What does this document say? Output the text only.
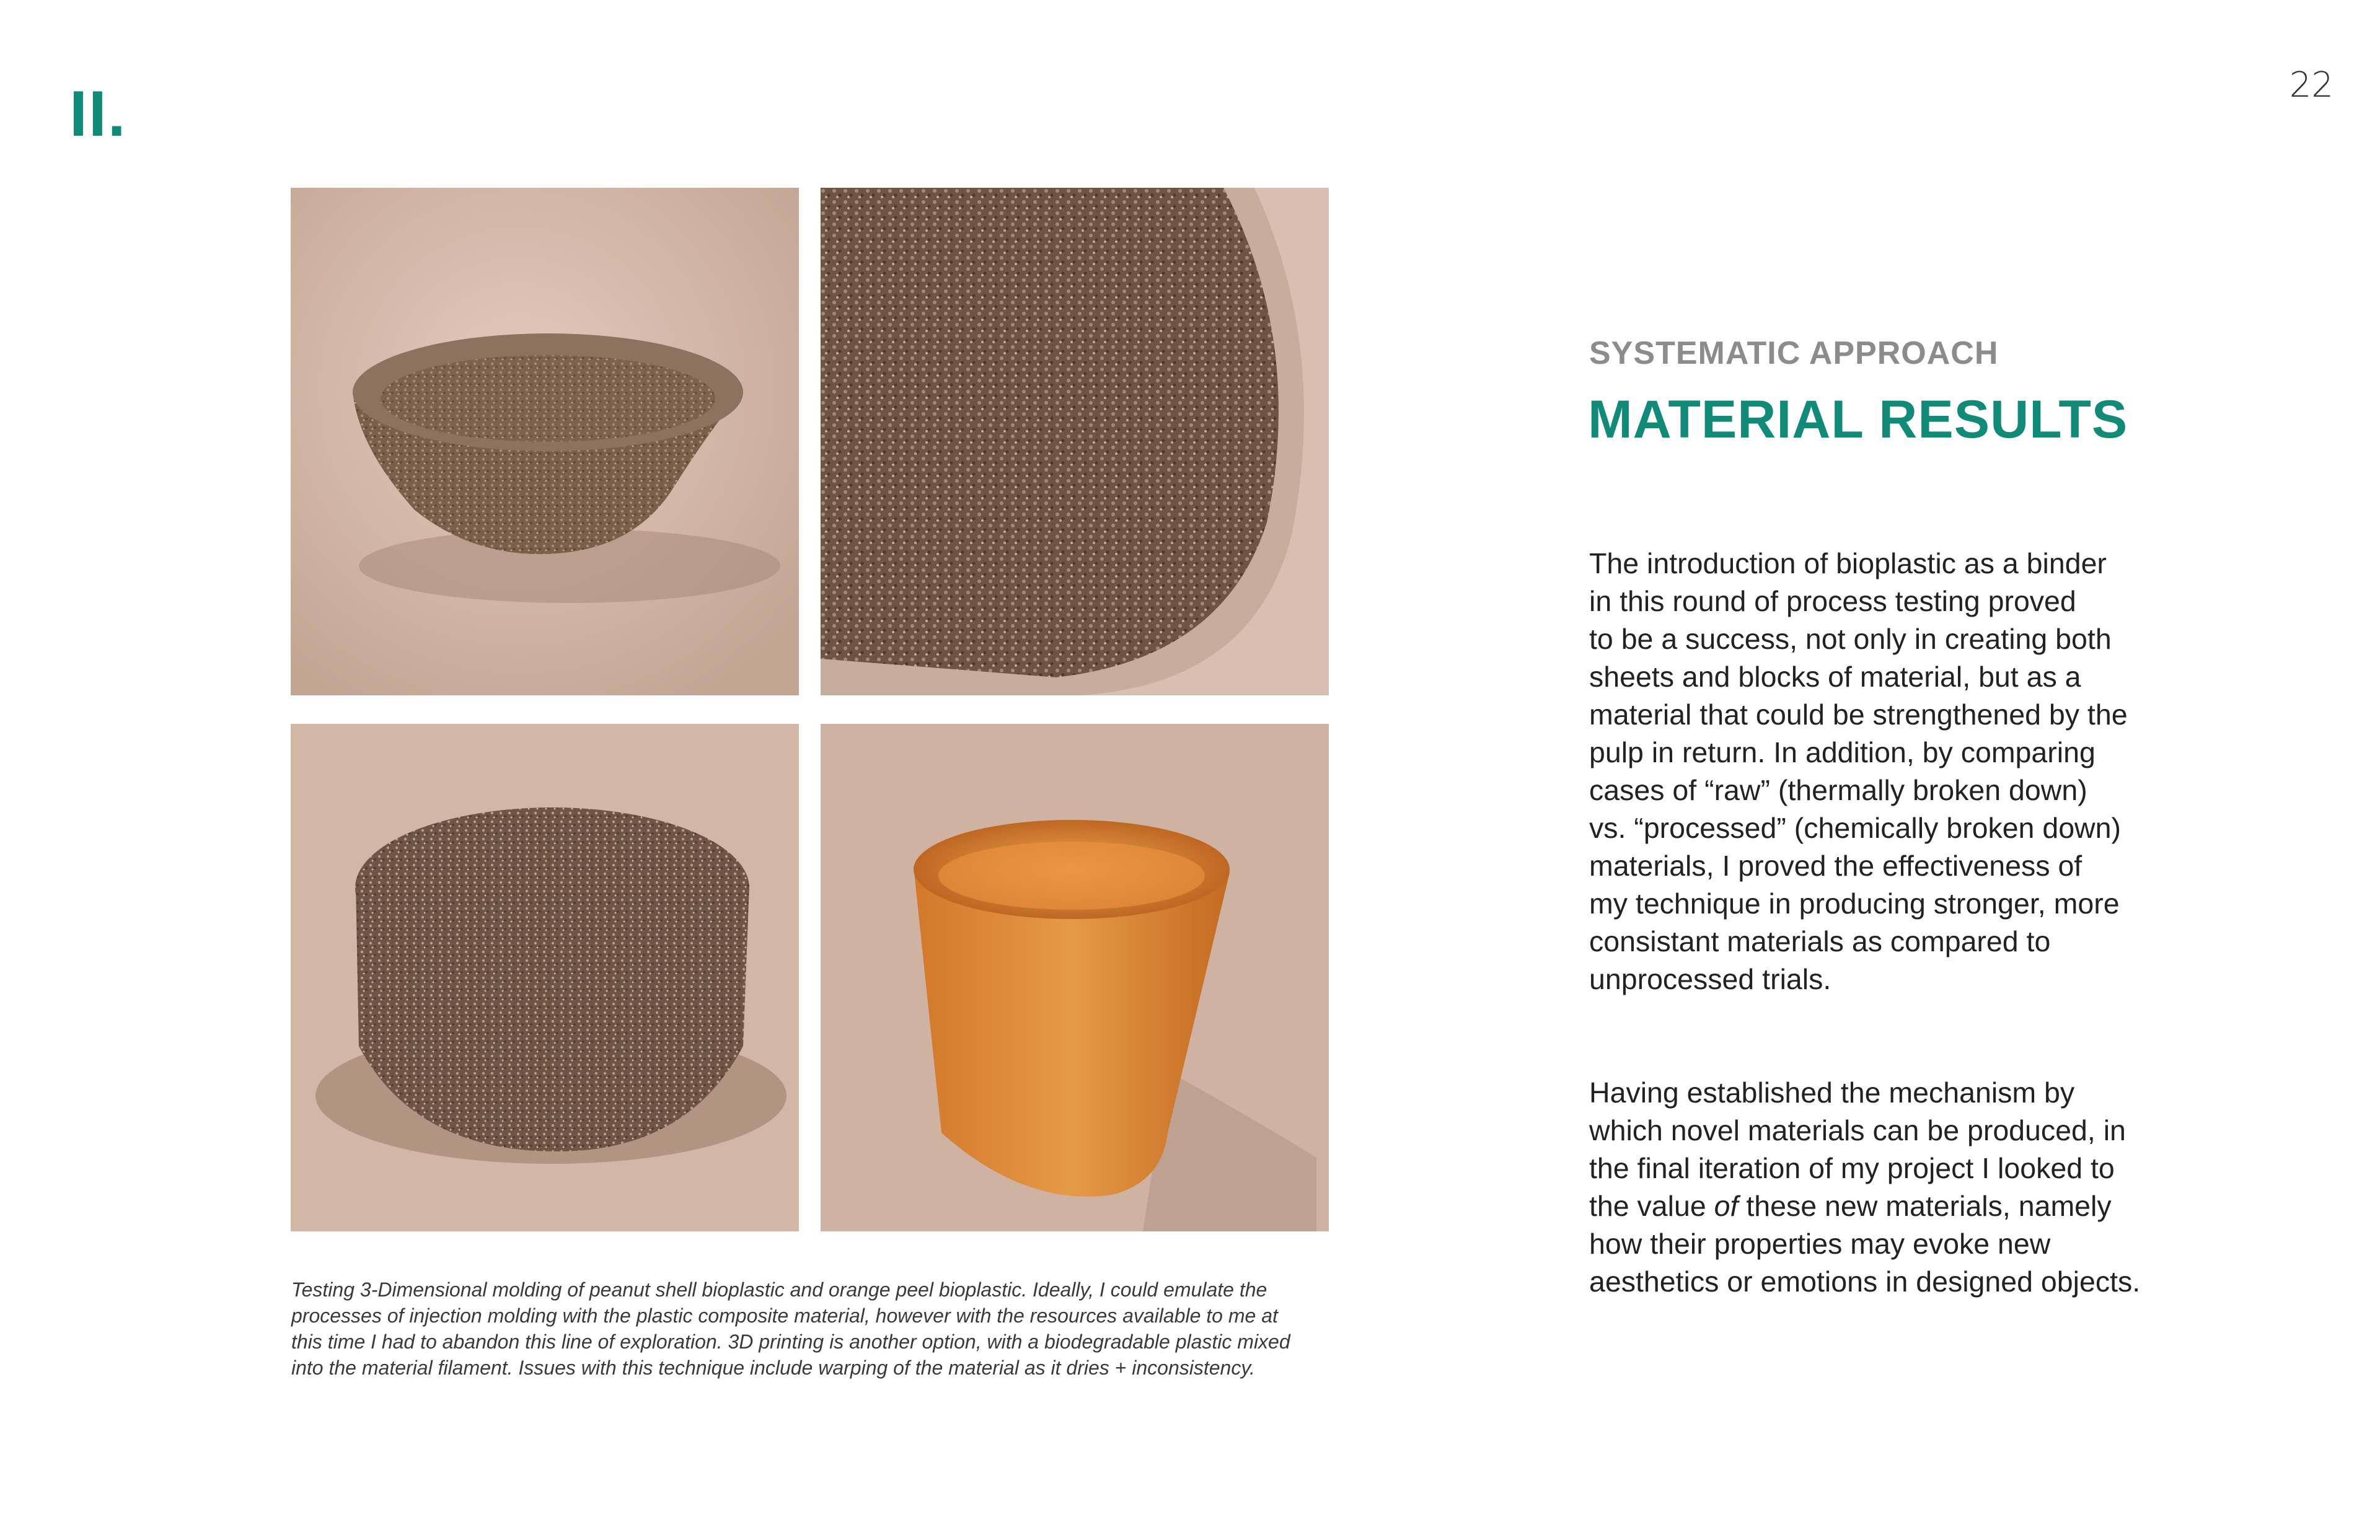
II.	22
Testing 3-Dimensional molding of peanut shell bioplastic and orange peel bioplastic. Ideally, I could emulate the
processes of injection molding with the plastic composite material, however with the resources available to me at
this time I had to abandon this line of exploration. 3D printing is another option, with a biodegradable plastic mixed
into the material filament. Issues with this technique include warping of the material as it dries + inconsistency.
SYSTEMATIC APPROACH
MATERIAL RESULTS

The introduction of bioplastic as a binder
in this round of process testing proved
to be a success, not only in creating both
sheets and blocks of material, but as a
material that could be strengthened by the
pulp in return. In addition, by comparing
cases of “raw” (thermally broken down)
vs. “processed” (chemically broken down)
materials, I proved the effectiveness of
my technique in producing stronger, more
consistant materials as compared to
unprocessed trials.

Having established the mechanism by
which novel materials can be produced, in
the final iteration of my project I looked to
the value of these new materials, namely
how their properties may evoke new
aesthetics or emotions in designed objects.
